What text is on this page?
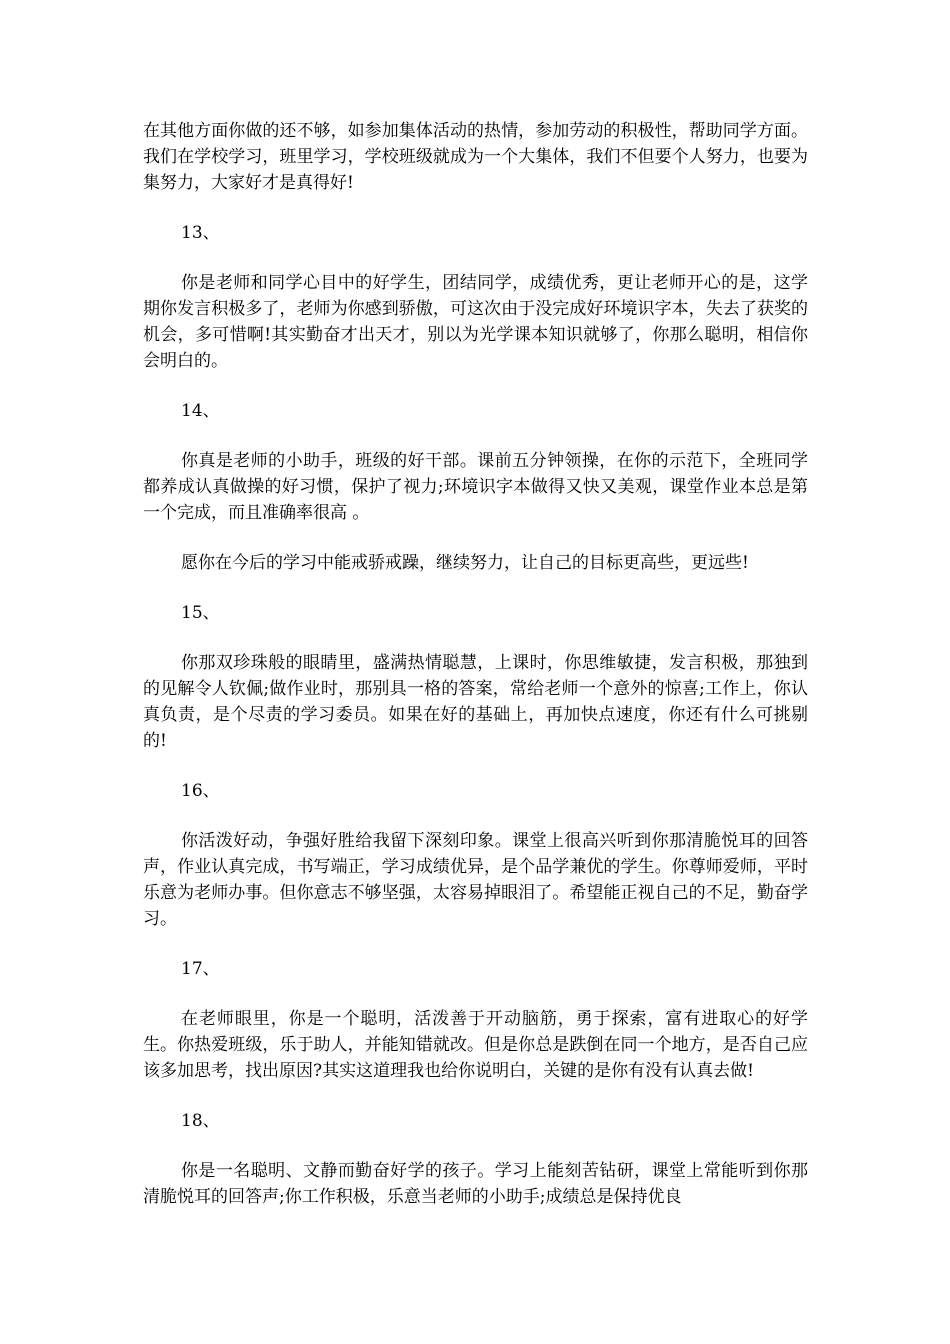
在其他方面你做的还不够，如参加集体活动的热情，参加劳动的积极性，帮助同学方面。我们在学校学习，班里学习，学校班级就成为一个大集体，我们不但要个人努力，也要为集努力，大家好才是真得好!

13、

你是老师和同学心目中的好学生，团结同学，成绩优秀，更让老师开心的是，这学期你发言积极多了，老师为你感到骄傲，可这次由于没完成好环境识字本，失去了获奖的机会，多可惜啊!其实勤奋才出天才，别以为光学课本知识就够了，你那么聪明，相信你会明白的。

14、

你真是老师的小助手，班级的好干部。课前五分钟领操，在你的示范下，全班同学都养成认真做操的好习惯，保护了视力;环境识字本做得又快又美观，课堂作业本总是第一个完成，而且准确率很高 。

愿你在今后的学习中能戒骄戒躁，继续努力，让自己的目标更高些，更远些!

15、

你那双珍珠般的眼睛里，盛满热情聪慧，上课时，你思维敏捷，发言积极，那独到的见解令人钦佩;做作业时，那别具一格的答案，常给老师一个意外的惊喜;工作上，你认真负责，是个尽责的学习委员。如果在好的基础上，再加快点速度，你还有什么可挑剔的!

16、

你活泼好动，争强好胜给我留下深刻印象。课堂上很高兴听到你那清脆悦耳的回答声，作业认真完成，书写端正，学习成绩优异，是个品学兼优的学生。你尊师爱师，平时乐意为老师办事。但你意志不够坚强，太容易掉眼泪了。希望能正视自己的不足，勤奋学习。

17、

在老师眼里，你是一个聪明，活泼善于开动脑筋，勇于探索，富有进取心的好学生。你热爱班级，乐于助人，并能知错就改。但是你总是跌倒在同一个地方，是否自己应该多加思考，找出原因?其实这道理我也给你说明白，关键的是你有没有认真去做!

18、

你是一名聪明、文静而勤奋好学的孩子。学习上能刻苦钻研，课堂上常能听到你那清脆悦耳的回答声;你工作积极，乐意当老师的小助手;成绩总是保持优良
